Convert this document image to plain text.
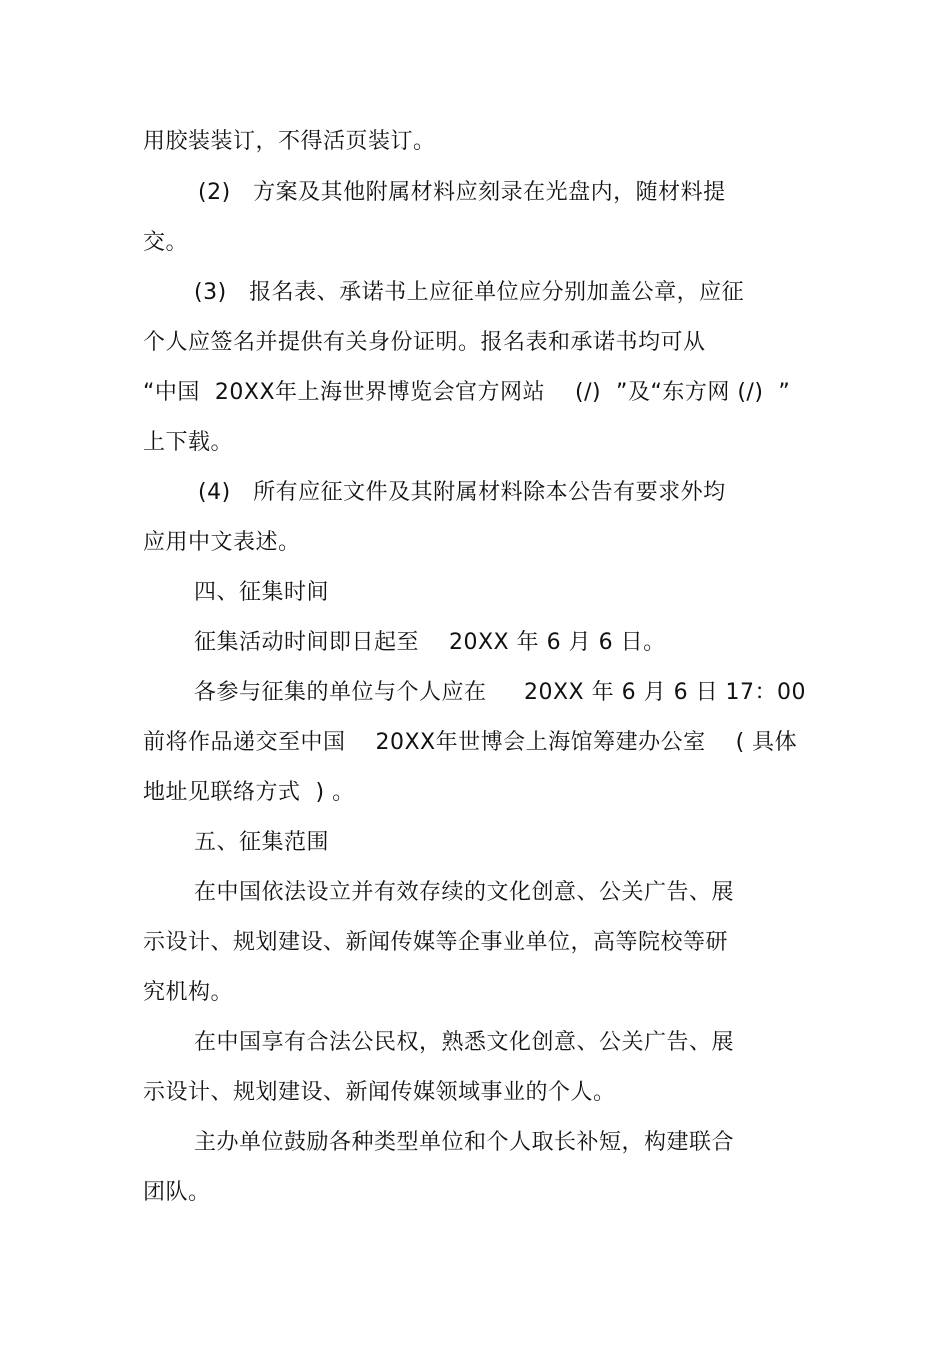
用胶装装订，不得活页装订。
(2)   方案及其他附属材料应刻录在光盘内，随材料提
交。
(3)   报名表、承诺书上应征单位应分别加盖公章，应征
个人应签名并提供有关身份证明。报名表和承诺书均可从
“中国  20XX年上海世界博览会官方网站    (/)  ”及“东方网 (/)  ”
上下载。
(4)   所有应征文件及其附属材料除本公告有要求外均
应用中文表述。
四、征集时间
征集活动时间即日起至    20XX 年 6 月 6 日。
各参与征集的单位与个人应在     20XX 年 6 月 6 日 17：00
前将作品递交至中国    20XX年世博会上海馆筹建办公室    ( 具体
地址见联络方式  ) 。
五、征集范围
在中国依法设立并有效存续的文化创意、公关广告、展
示设计、规划建设、新闻传媒等企事业单位，高等院校等研
究机构。
在中国享有合法公民权，熟悉文化创意、公关广告、展
示设计、规划建设、新闻传媒领域事业的个人。
主办单位鼓励各种类型单位和个人取长补短，构建联合
团队。
